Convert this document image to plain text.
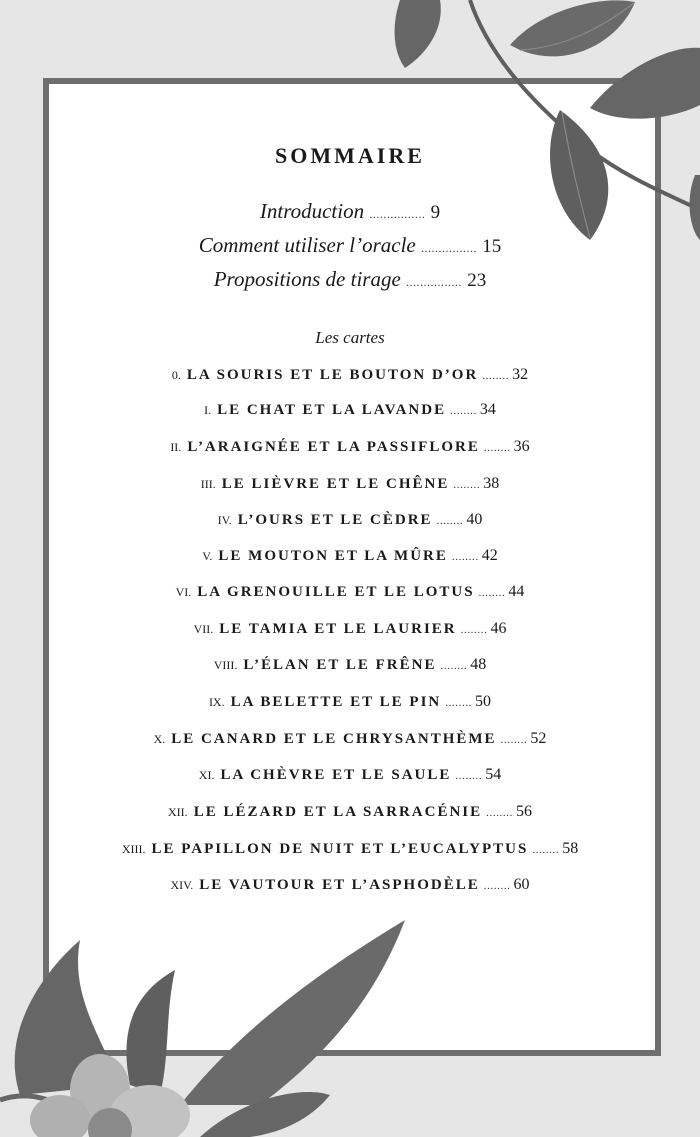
SOMMAIRE
Introduction ................ 9
Comment utiliser l’oracle ................ 15
Propositions de tirage ................ 23
Les cartes
0. LA SOURIS ET LE BOUTON D’OR ........ 32
I. LE CHAT ET LA LAVANDE ........ 34
II. L’ARAIGNÉE ET LA PASSIFLORE ........ 36
III. LE LIÈVRE ET LE CHÊNE ........ 38
IV. L’OURS ET LE CÈDRE ........ 40
V. LE MOUTON ET LA MÛRE ........ 42
VI. LA GRENOUILLE ET LE LOTUS ........ 44
VII. LE TAMIA ET LE LAURIER ........ 46
VIII. L’ÉLAN ET LE FRÊNE ........ 48
IX. LA BELETTE ET LE PIN ........ 50
X. LE CANARD ET LE CHRYSANTHÈME ........ 52
XI. LA CHÈVRE ET LE SAULE ........ 54
XII. LE LÉZARD ET LA SARRACÉNIE ........ 56
XIII. LE PAPILLON DE NUIT ET L’EUCALYPTUS ........ 58
XIV. LE VAUTOUR ET L’ASPHODÈLE ........ 60
